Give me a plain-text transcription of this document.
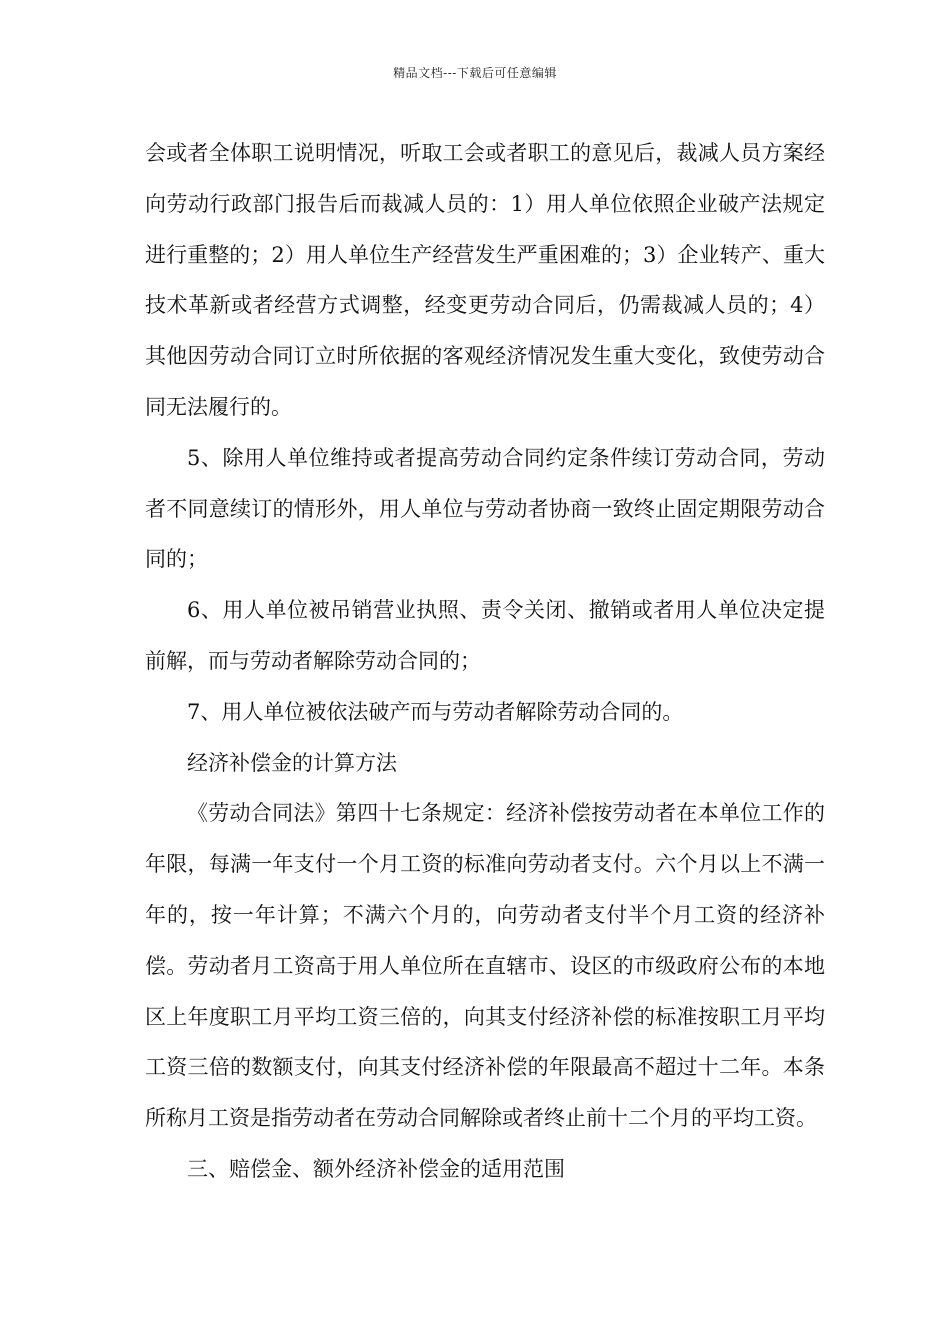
精品文档---下载后可任意编辑

会或者全体职工说明情况，听取工会或者职工的意见后，裁减人员方案经向劳动行政部门报告后而裁减人员的：1）用人单位依照企业破产法规定进行重整的；2）用人单位生产经营发生严重困难的；3）企业转产、重大技术革新或者经营方式调整，经变更劳动合同后，仍需裁减人员的；4）其他因劳动合同订立时所依据的客观经济情况发生重大变化，致使劳动合同无法履行的。

5、除用人单位维持或者提高劳动合同约定条件续订劳动合同，劳动者不同意续订的情形外，用人单位与劳动者协商一致终止固定期限劳动合同的；

6、用人单位被吊销营业执照、责令关闭、撤销或者用人单位决定提前解，而与劳动者解除劳动合同的；

7、用人单位被依法破产而与劳动者解除劳动合同的。

经济补偿金的计算方法

《劳动合同法》第四十七条规定：经济补偿按劳动者在本单位工作的年限，每满一年支付一个月工资的标准向劳动者支付。六个月以上不满一年的，按一年计算；不满六个月的，向劳动者支付半个月工资的经济补偿。劳动者月工资高于用人单位所在直辖市、设区的市级政府公布的本地区上年度职工月平均工资三倍的，向其支付经济补偿的标准按职工月平均工资三倍的数额支付，向其支付经济补偿的年限最高不超过十二年。本条所称月工资是指劳动者在劳动合同解除或者终止前十二个月的平均工资。

三、赔偿金、额外经济补偿金的适用范围
